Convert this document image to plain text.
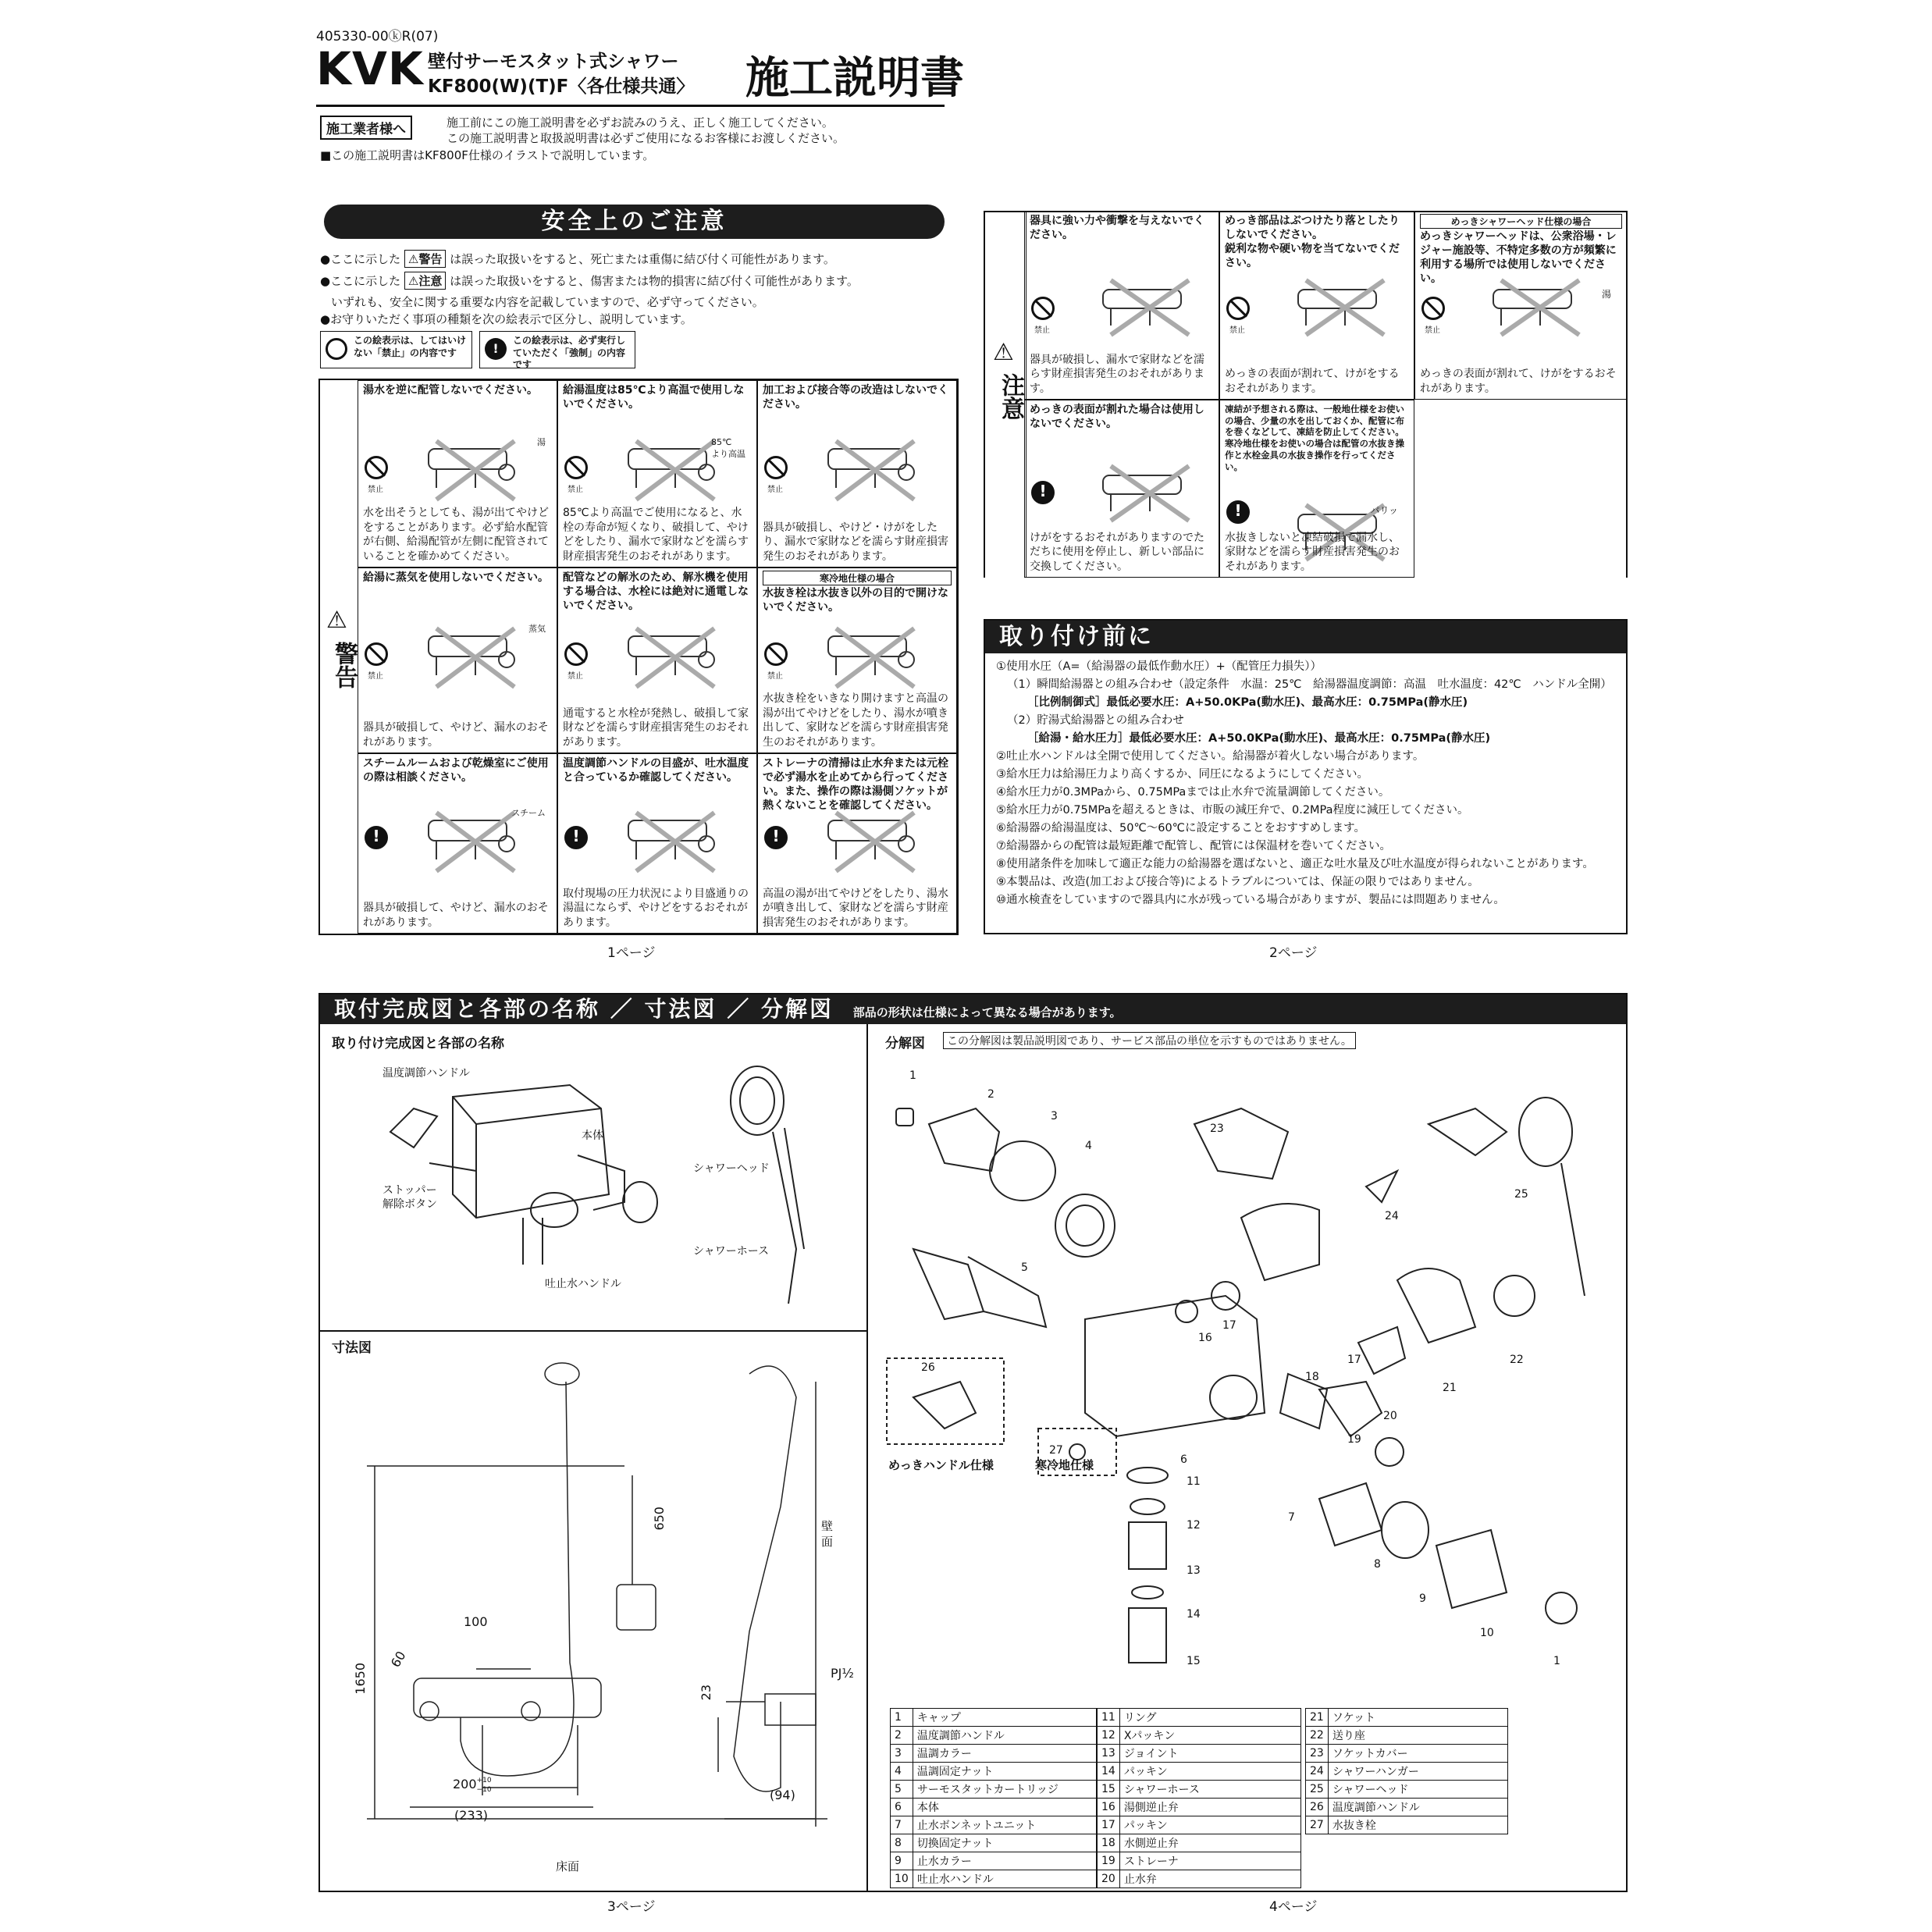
405330-00ⓚR(07)
KVK 壁付サーモスタット式シャワー
KF800(W)(T)F〈各仕様共通〉 施工説明書
施工業者様へ	施工前にこの施工説明書を必ずお読みのうえ、正しく施工してください。
この施工説明書と取扱説明書は必ずご使用になるお客様にお渡しください。
■この施工説明書はKF800F仕様のイラストで説明しています。
安全上のご注意
●ここに示した ⚠警告 は誤った取扱いをすると、死亡または重傷に結び付く可能性があります。
●ここに示した ⚠注意 は誤った取扱いをすると、傷害または物的損害に結び付く可能性があります。
いずれも、安全に関する重要な内容を記載していますので、必ず守ってください。
●お守りいただく事項の種類を次の絵表示で区分し、説明しています。
この絵表示は、してはいけない「禁止」の内容です	!
この絵表示は、必ず実行していただく「強制」の内容です
⚠
警告
湯水を逆に配管しないでください。
禁止
湯
水を出そうとしても、湯が出てやけどをすることがあります。必ず給水配管が右側、給湯配管が左側に配管されていることを確かめてください。
給湯温度は85℃より高温で使用しないでください。
禁止
85℃
より高温
85℃より高温でご使用になると、水栓の寿命が短くなり、破損して、やけどをしたり、漏水で家財などを濡らす財産損害発生のおそれがあります。
加工および接合等の改造はしないでください。
禁止
器具が破損し、やけど・けがをしたり、漏水で家財などを濡らす財産損害発生のおそれがあります。
給湯に蒸気を使用しないでください。
禁止
蒸気
器具が破損して、やけど、漏水のおそれがあります。
配管などの解氷のため、解氷機を使用する場合は、水栓には絶対に通電しないでください。
禁止
通電すると水栓が発熱し、破損して家財などを濡らす財産損害発生のおそれがあります。
寒冷地仕様の場合
水抜き栓は水抜き以外の目的で開けないでください。
禁止
水抜き栓をいきなり開けますと高温の湯が出てやけどをしたり、湯水が噴き出して、家財などを濡らす財産損害発生のおそれがあります。
スチームルームおよび乾燥室にご使用の際は相談ください。
!
スチーム
器具が破損して、やけど、漏水のおそれがあります。
温度調節ハンドルの目盛が、吐水温度と合っているか確認してください。
!
取付現場の圧力状況により目盛通りの湯温にならず、やけどをするおそれがあります。
ストレーナの清掃は止水弁または元栓で必ず湯水を止めてから行ってください。また、操作の際は湯側ソケットが熱くないことを確認してください。
!
高温の湯が出てやけどをしたり、湯水が噴き出して、家財などを濡らす財産損害発生のおそれがあります。
⚠
注意
器具に強い力や衝撃を与えないでください。
禁止
器具が破損し、漏水で家財などを濡らす財産損害発生のおそれがあります。
めっき部品はぶつけたり落としたりしないでください。
鋭利な物や硬い物を当てないでください。
禁止
めっきの表面が割れて、けがをするおそれがあります。
めっきシャワーヘッド仕様の場合
めっきシャワーヘッドは、公衆浴場・レジャー施設等、不特定多数の方が頻繁に利用する場所では使用しないでください。
禁止
湯
めっきの表面が割れて、けがをするおそれがあります。
めっきの表面が割れた場合は使用しないでください。
!
けがをするおそれがありますのでただちに使用を停止し、新しい部品に交換してください。
凍結が予想される際は、一般地仕様をお使いの場合、少量の水を出しておくか、配管に布を巻くなどして、凍結を防止してください。
寒冷地仕様をお使いの場合は配管の水抜き操作と水栓金具の水抜き操作を行ってください。
!
パリッ
水抜きしないと凍結破損で漏水し、家財などを濡らす財産損害発生のおそれがあります。
1ページ
取り付け前に
①使用水圧（A=（給湯器の最低作動水圧）+（配管圧力損失））
（1）瞬間給湯器との組み合わせ（設定条件　水温：25℃　給湯器温度調節：高温　吐水温度：42℃　ハンドル全開）
［比例制御式］最低必要水圧：A+50.0KPa(動水圧)、最高水圧：0.75MPa(静水圧)
（2）貯湯式給湯器との組み合わせ
［給湯・給水圧力］最低必要水圧：A+50.0KPa(動水圧)、最高水圧：0.75MPa(静水圧)
②吐止水ハンドルは全開で使用してください。給湯器が着火しない場合があります。
③給水圧力は給湯圧力より高くするか、同圧になるようにしてください。
④給水圧力が0.3MPaから、0.75MPaまでは止水弁で流量調節してください。
⑤給水圧力が0.75MPaを超えるときは、市販の減圧弁で、0.2MPa程度に減圧してください。
⑥給湯器の給湯温度は、50℃〜60℃に設定することをおすすめします。
⑦給湯器からの配管は最短距離で配管し、配管には保温材を巻いてください。
⑧使用諸条件を加味して適正な能力の給湯器を選ばないと、適正な吐水量及び吐水温度が得られないことがあります。
⑨本製品は、改造(加工および接合等)によるトラブルについては、保証の限りではありません。
⑩通水検査をしていますので器具内に水が残っている場合がありますが、製品には問題ありません。
2ページ
取付完成図と各部の名称 ／ 寸法図 ／ 分解図 部品の形状は仕様によって異なる場合があります。
取り付け完成図と各部の名称
温度調節ハンドル
本体
ストッパー
解除ボタン
シャワーヘッド
シャワーホース
吐止水ハンドル
寸法図
650
1650
100
60
200+10
−10
(233)
23
(94)
PJ½
壁
面
床面
分解図	この分解図は製品説明図であり、サービス部品の単位を示すものではありません。
1
2
3
4
5
6
7
8
9
10
11
12
13
14
15
16
17
18
17
19
20
21
22
23
24
25
26
27
1
めっきハンドル仕様	寒冷地仕様
1	キャップ
2	温度調節ハンドル
3	温調カラー
4	温調固定ナット
5	サーモスタットカートリッジ
6	本体
7	止水ボンネットユニット
8	切換固定ナット
9	止水カラー
10	吐止水ハンドル
11	リング
12	Xパッキン
13	ジョイント
14	パッキン
15	シャワーホース
16	湯側逆止弁
17	パッキン
18	水側逆止弁
19	ストレーナ
20	止水弁
21	ソケット
22	送り座
23	ソケットカバー
24	シャワーハンガー
25	シャワーヘッド
26	温度調節ハンドル
27	水抜き栓
3ページ	4ページ
